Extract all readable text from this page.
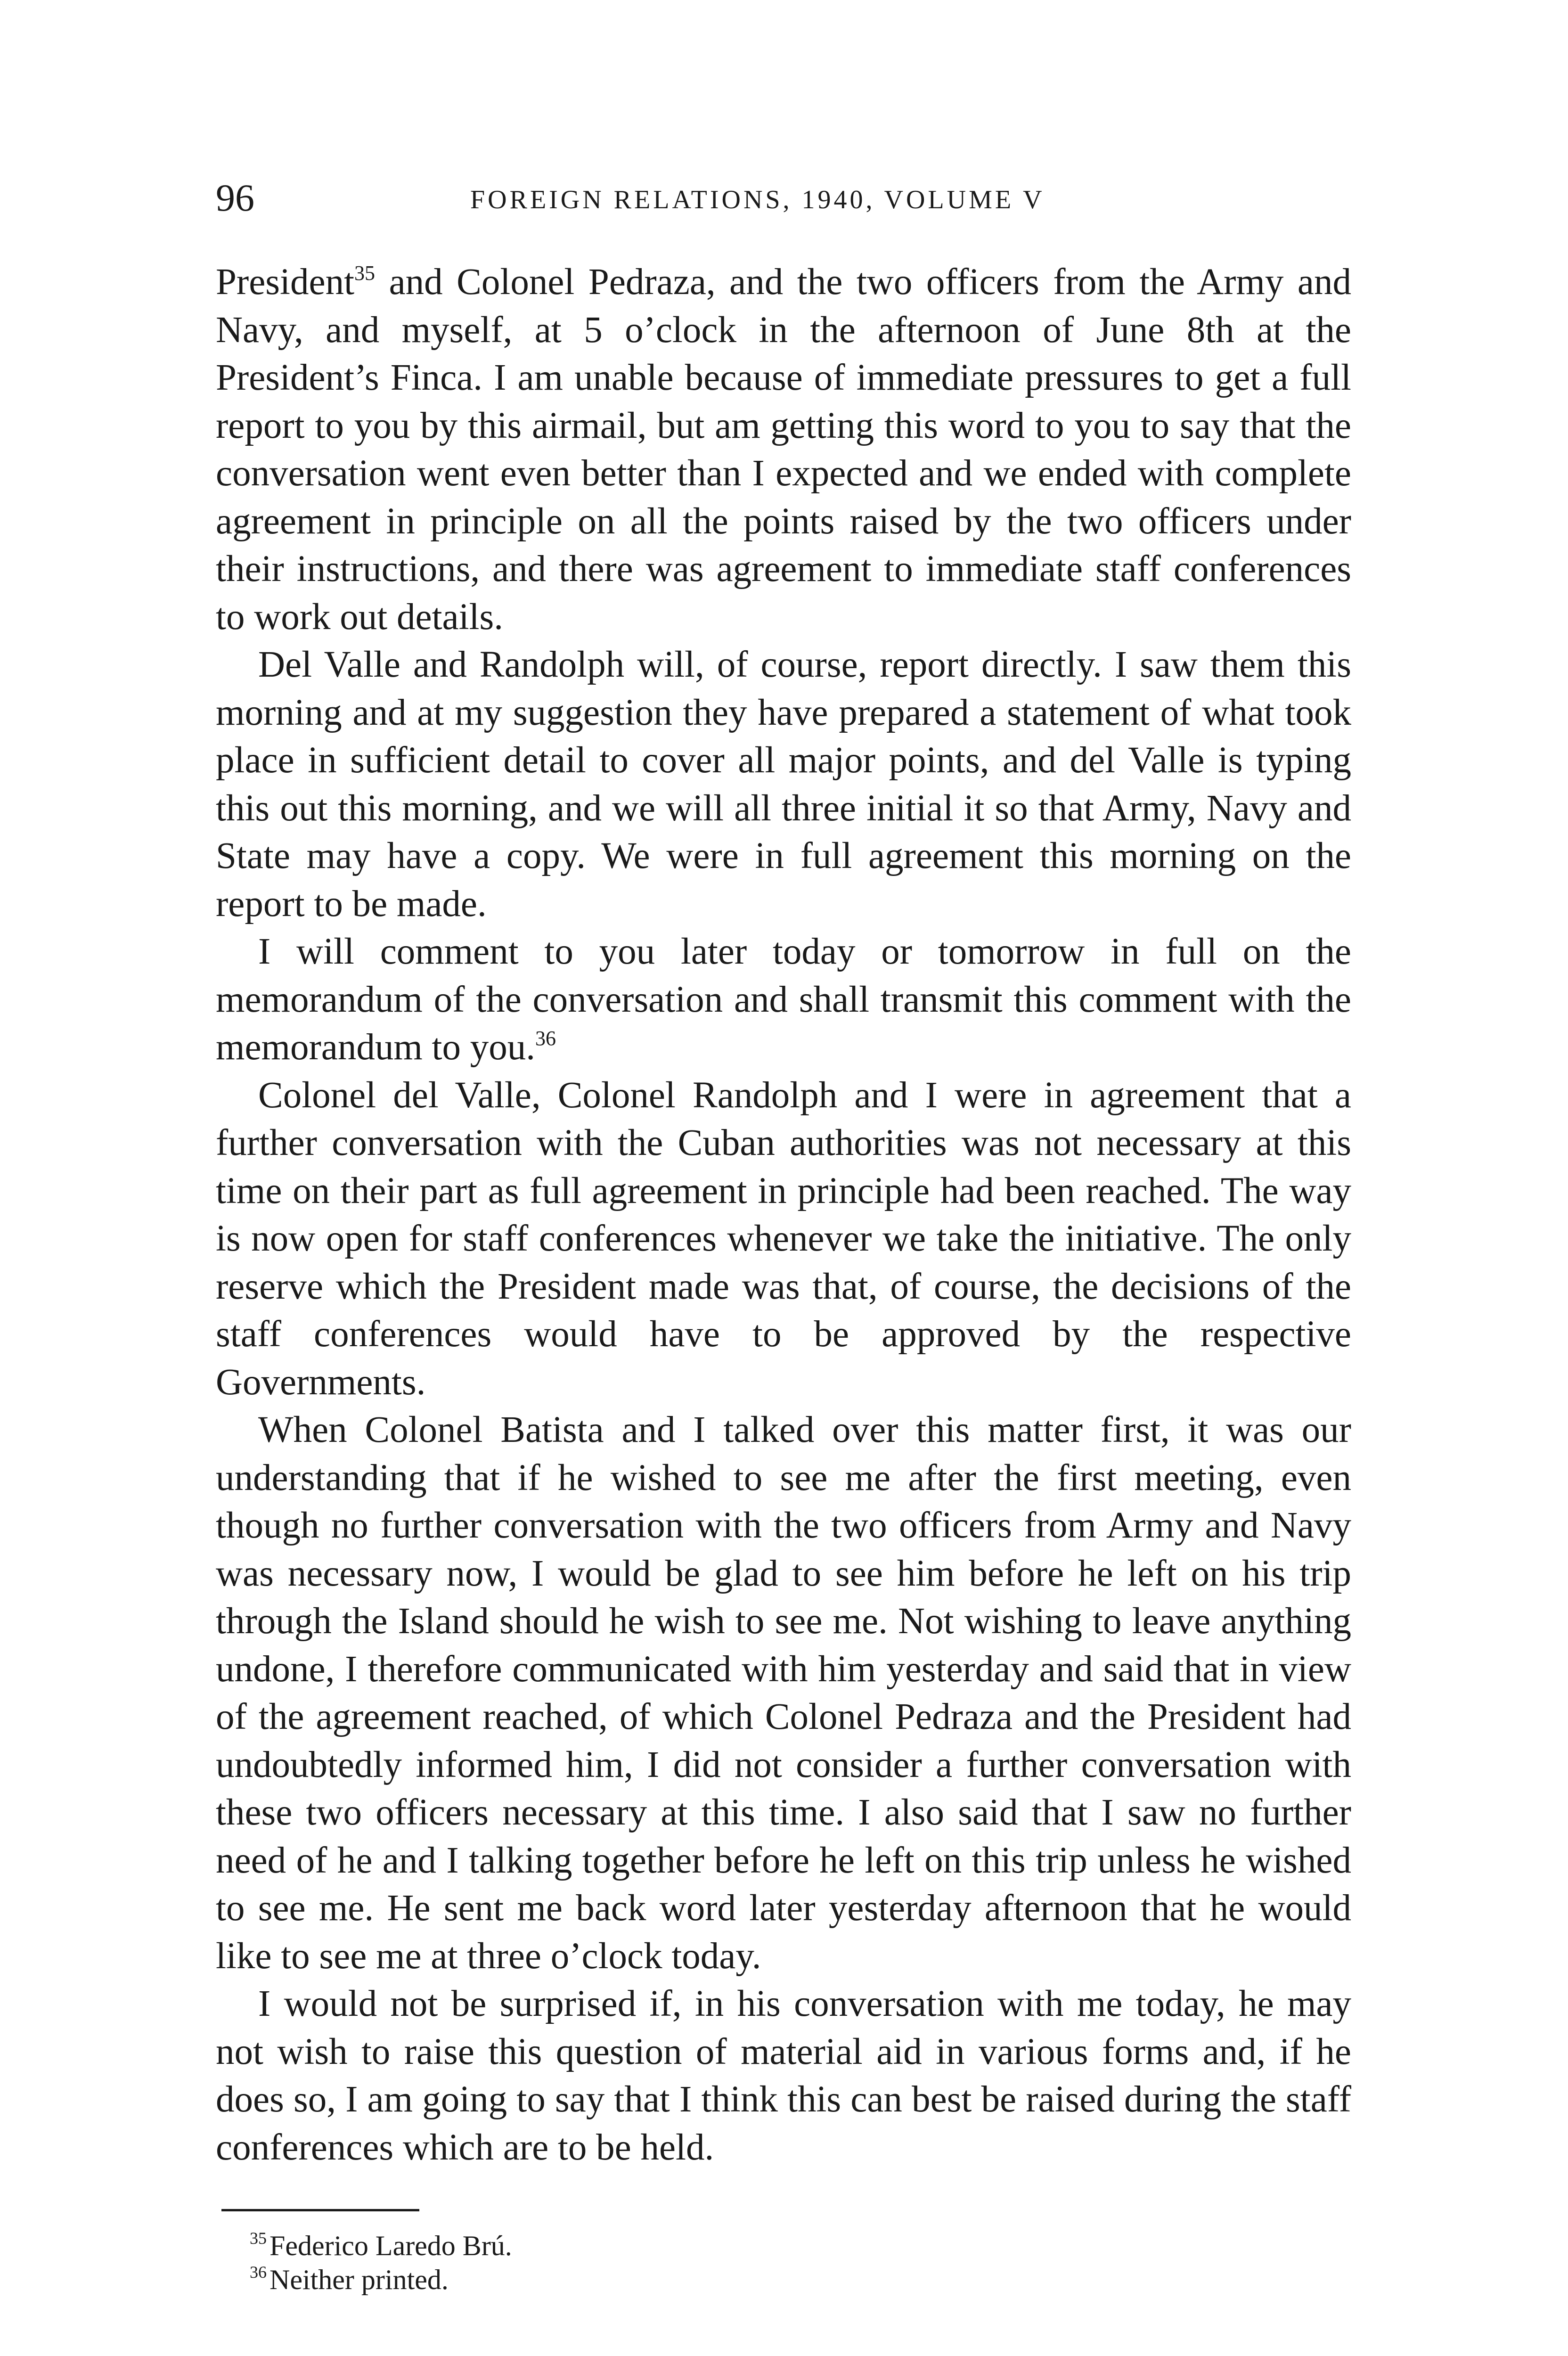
96	FOREIGN RELATIONS, 1940, VOLUME V

President$^{35}$ and Colonel Pedraza, and the two officers from the Army and Navy, and myself, at 5 o’clock in the afternoon of June 8th at the President’s Finca. I am unable because of immediate pressures to get a full report to you by this airmail, but am getting this word to you to say that the conversation went even better than I expected and we ended with complete agreement in principle on all the points raised by the two officers under their instructions, and there was agreement to immediate staff conferences to work out details.

Del Valle and Randolph will, of course, report directly. I saw them this morning and at my suggestion they have prepared a statement of what took place in sufficient detail to cover all major points, and del Valle is typing this out this morning, and we will all three initial it so that Army, Navy and State may have a copy. We were in full agreement this morning on the report to be made.

I will comment to you later today or tomorrow in full on the memorandum of the conversation and shall transmit this comment with the memorandum to you.$^{36}$

Colonel del Valle, Colonel Randolph and I were in agreement that a further conversation with the Cuban authorities was not necessary at this time on their part as full agreement in principle had been reached. The way is now open for staff conferences whenever we take the initiative. The only reserve which the President made was that, of course, the decisions of the staff conferences would have to be approved by the respective Governments.

When Colonel Batista and I talked over this matter first, it was our understanding that if he wished to see me after the first meeting, even though no further conversation with the two officers from Army and Navy was necessary now, I would be glad to see him before he left on his trip through the Island should he wish to see me. Not wishing to leave anything undone, I therefore communicated with him yesterday and said that in view of the agreement reached, of which Colonel Pedraza and the President had undoubtedly informed him, I did not consider a further conversation with these two officers necessary at this time. I also said that I saw no further need of he and I talking together before he left on this trip unless he wished to see me. He sent me back word later yesterday afternoon that he would like to see me at three o’clock today.

I would not be surprised if, in his conversation with me today, he may not wish to raise this question of material aid in various forms and, if he does so, I am going to say that I think this can best be raised during the staff conferences which are to be held.

$^{35}$ Federico Laredo Brú.

$^{36}$ Neither printed.
